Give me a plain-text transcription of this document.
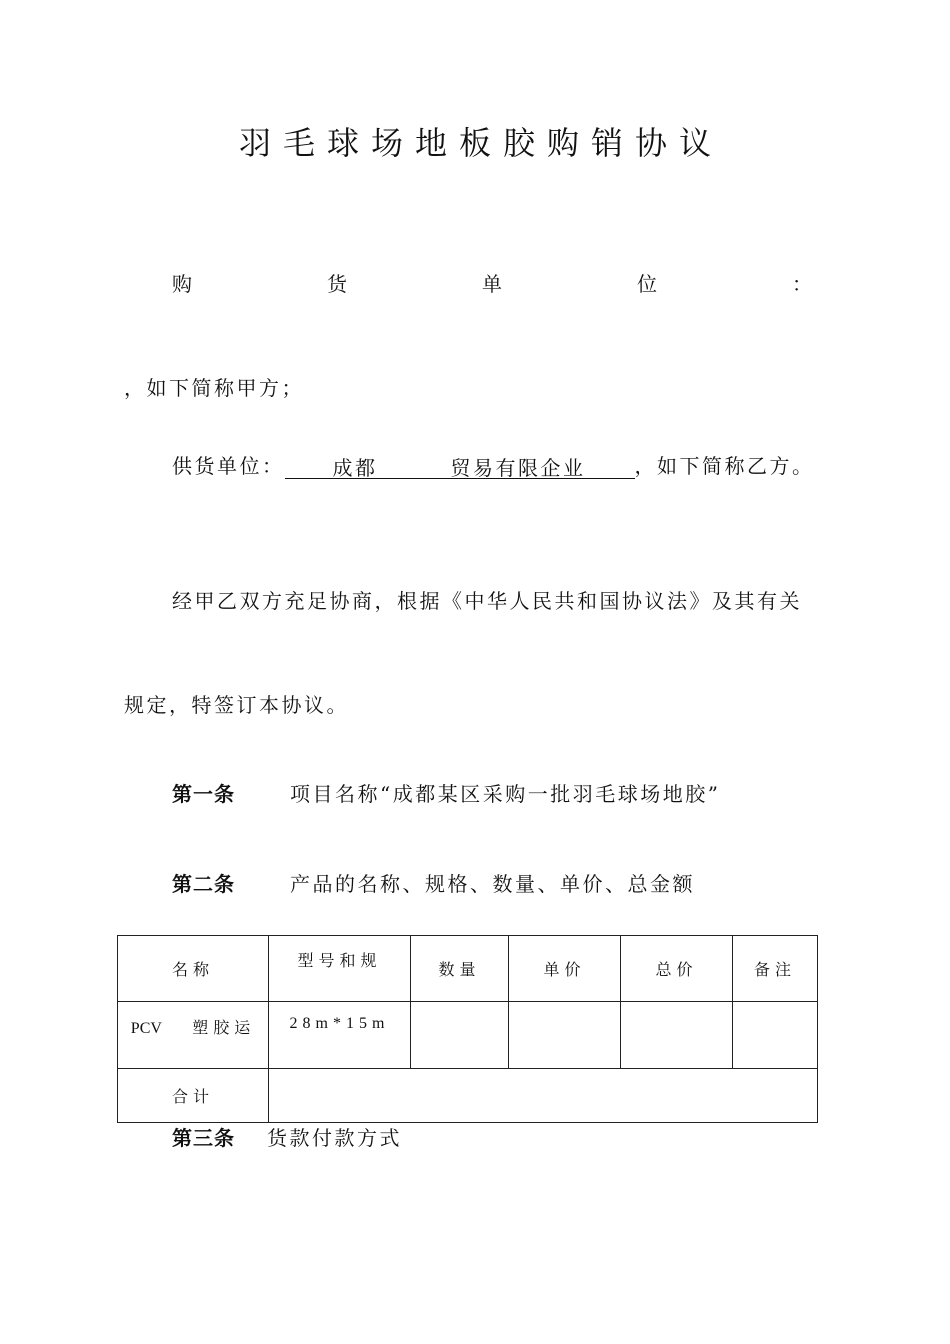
羽毛球场地板胶购销协议
购	货	单	位	：
，如下简称甲方；
供货单位： 成都	贸易有限企业 ，如下简称乙方。
经甲乙双方充足协商，根据《中华人民共和国协议法》及其有关
规定，特签订本协议。
第一条	项目名称“成都某区采购一批羽毛球场地胶”
第二条	产品的名称、规格、数量、单价、总金额
名称	型号和规	数量	单价	总价	备注
PCV 塑胶运	28m*15m				
合计					
第三条 货款付款方式
